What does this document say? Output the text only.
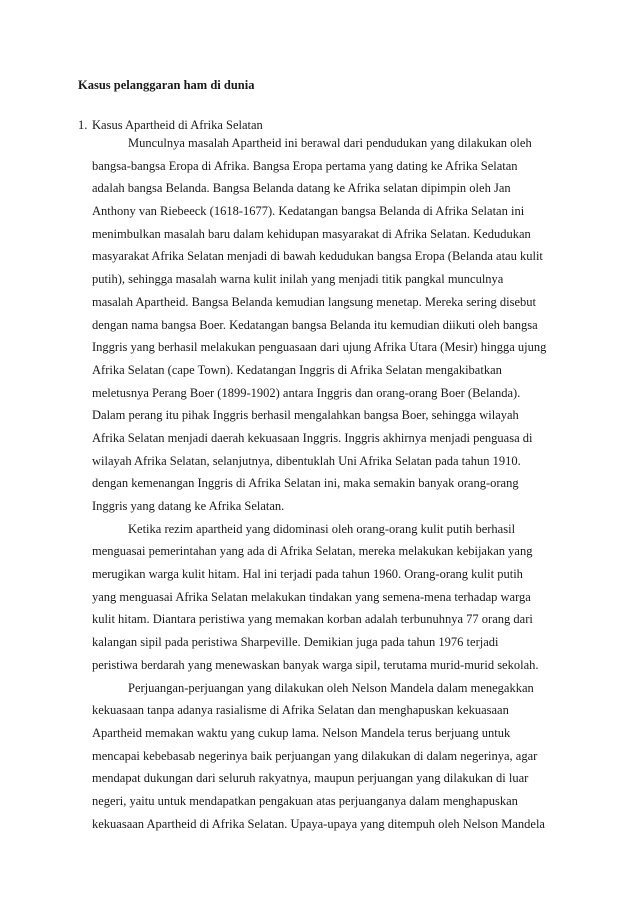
Kasus pelanggaran ham di dunia
1. Kasus Apartheid di Afrika Selatan
Munculnya masalah Apartheid ini berawal dari pendudukan yang dilakukan oleh
bangsa-bangsa Eropa di Afrika. Bangsa Eropa pertama yang dating ke Afrika Selatan
adalah bangsa Belanda. Bangsa Belanda datang ke Afrika selatan dipimpin oleh Jan
Anthony van Riebeeck (1618-1677). Kedatangan bangsa Belanda di Afrika Selatan ini
menimbulkan masalah baru dalam kehidupan masyarakat di Afrika Selatan. Kedudukan
masyarakat Afrika Selatan menjadi di bawah kedudukan bangsa Eropa (Belanda atau kulit
putih), sehingga masalah warna kulit inilah yang menjadi titik pangkal munculnya
masalah Apartheid. Bangsa Belanda kemudian langsung menetap. Mereka sering disebut
dengan nama bangsa Boer. Kedatangan bangsa Belanda itu kemudian diikuti oleh bangsa
Inggris yang berhasil melakukan penguasaan dari ujung Afrika Utara (Mesir) hingga ujung
Afrika Selatan (cape Town). Kedatangan Inggris di Afrika Selatan mengakibatkan
meletusnya Perang Boer (1899-1902) antara Inggris dan orang-orang Boer (Belanda).
Dalam perang itu pihak Inggris berhasil mengalahkan bangsa Boer, sehingga wilayah
Afrika Selatan menjadi daerah kekuasaan Inggris. Inggris akhirnya menjadi penguasa di
wilayah Afrika Selatan, selanjutnya, dibentuklah Uni Afrika Selatan pada tahun 1910.
dengan kemenangan Inggris di Afrika Selatan ini, maka semakin banyak orang-orang
Inggris yang datang ke Afrika Selatan.
Ketika rezim apartheid yang didominasi oleh orang-orang kulit putih berhasil
menguasai pemerintahan yang ada di Afrika Selatan, mereka melakukan kebijakan yang
merugikan warga kulit hitam. Hal ini terjadi pada tahun 1960. Orang-orang kulit putih
yang menguasai Afrika Selatan melakukan tindakan yang semena-mena terhadap warga
kulit hitam. Diantara peristiwa yang memakan korban adalah terbunuhnya 77 orang dari
kalangan sipil pada peristiwa Sharpeville. Demikian juga pada tahun 1976 terjadi
peristiwa berdarah yang menewaskan banyak warga sipil, terutama murid-murid sekolah.
Perjuangan-perjuangan yang dilakukan oleh Nelson Mandela dalam menegakkan
kekuasaan tanpa adanya rasialisme di Afrika Selatan dan menghapuskan kekuasaan
Apartheid memakan waktu yang cukup lama. Nelson Mandela terus berjuang untuk
mencapai kebebasab negerinya baik perjuangan yang dilakukan di dalam negerinya, agar
mendapat dukungan dari seluruh rakyatnya, maupun perjuangan yang dilakukan di luar
negeri, yaitu untuk mendapatkan pengakuan atas perjuanganya dalam menghapuskan
kekuasaan Apartheid di Afrika Selatan. Upaya-upaya yang ditempuh oleh Nelson Mandela
